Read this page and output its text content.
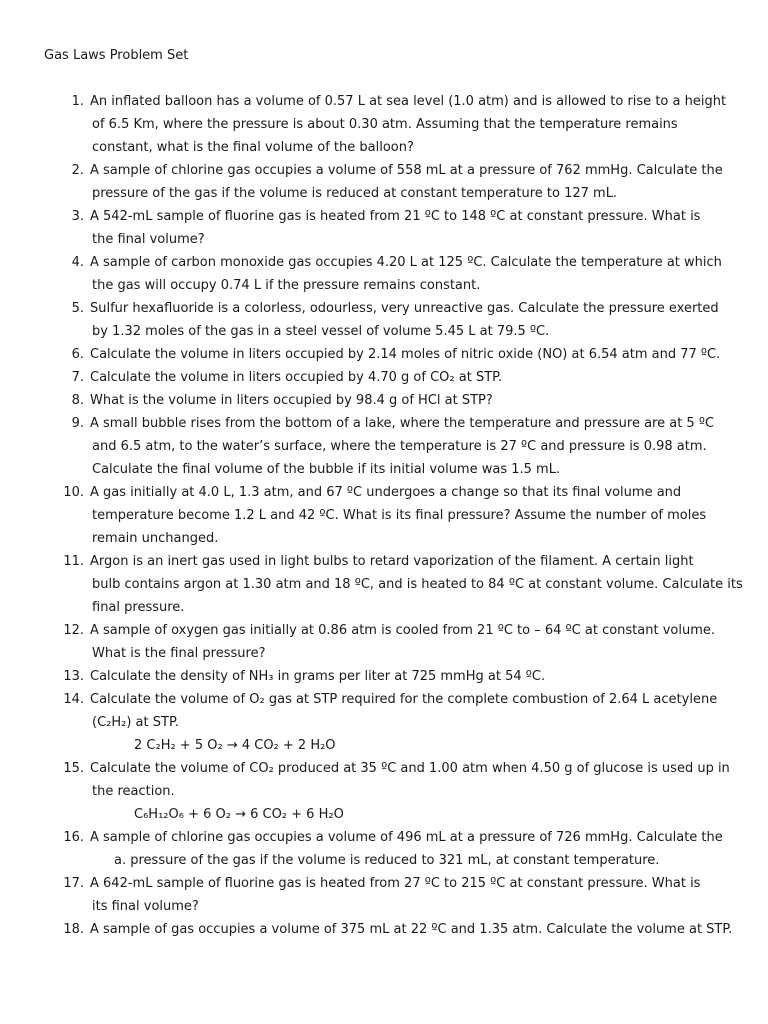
Gas Laws Problem Set
1. An inflated balloon has a volume of 0.57 L at sea level (1.0 atm) and is allowed to rise to a height
of 6.5 Km, where the pressure is about 0.30 atm. Assuming that the temperature remains
constant, what is the final volume of the balloon?
2. A sample of chlorine gas occupies a volume of 558 mL at a pressure of 762 mmHg. Calculate the
pressure of the gas if the volume is reduced at constant temperature to 127 mL.
3. A 542-mL sample of fluorine gas is heated from 21 ºC to 148 ºC at constant pressure. What is
the final volume?
4. A sample of carbon monoxide gas occupies 4.20 L at 125 ºC. Calculate the temperature at which
the gas will occupy 0.74 L if the pressure remains constant.
5. Sulfur hexafluoride is a colorless, odourless, very unreactive gas. Calculate the pressure exerted
by 1.32 moles of the gas in a steel vessel of volume 5.45 L at 79.5 ºC.
6. Calculate the volume in liters occupied by 2.14 moles of nitric oxide (NO) at 6.54 atm and 77 ºC.
7. Calculate the volume in liters occupied by 4.70 g of CO₂ at STP.
8. What is the volume in liters occupied by 98.4 g of HCl at STP?
9. A small bubble rises from the bottom of a lake, where the temperature and pressure are at 5 ºC
and 6.5 atm, to the water’s surface, where the temperature is 27 ºC and pressure is 0.98 atm.
Calculate the final volume of the bubble if its initial volume was 1.5 mL.
10. A gas initially at 4.0 L, 1.3 atm, and 67 ºC undergoes a change so that its final volume and
temperature become 1.2 L and 42 ºC. What is its final pressure? Assume the number of moles
remain unchanged.
11. Argon is an inert gas used in light bulbs to retard vaporization of the filament. A certain light
bulb contains argon at 1.30 atm and 18 ºC, and is heated to 84 ºC at constant volume. Calculate its
final pressure.
12. A sample of oxygen gas initially at 0.86 atm is cooled from 21 ºC to – 64 ºC at constant volume.
What is the final pressure?
13. Calculate the density of NH₃ in grams per liter at 725 mmHg at 54 ºC.
14. Calculate the volume of O₂ gas at STP required for the complete combustion of 2.64 L acetylene
(C₂H₂) at STP.
2 C₂H₂ + 5 O₂ → 4 CO₂ + 2 H₂O
15. Calculate the volume of CO₂ produced at 35 ºC and 1.00 atm when 4.50 g of glucose is used up in
the reaction.
C₆H₁₂O₆ + 6 O₂ → 6 CO₂ + 6 H₂O
16. A sample of chlorine gas occupies a volume of 496 mL at a pressure of 726 mmHg. Calculate the
a. pressure of the gas if the volume is reduced to 321 mL, at constant temperature.
17. A 642-mL sample of fluorine gas is heated from 27 ºC to 215 ºC at constant pressure. What is
its final volume?
18. A sample of gas occupies a volume of 375 mL at 22 ºC and 1.35 atm. Calculate the volume at STP.
